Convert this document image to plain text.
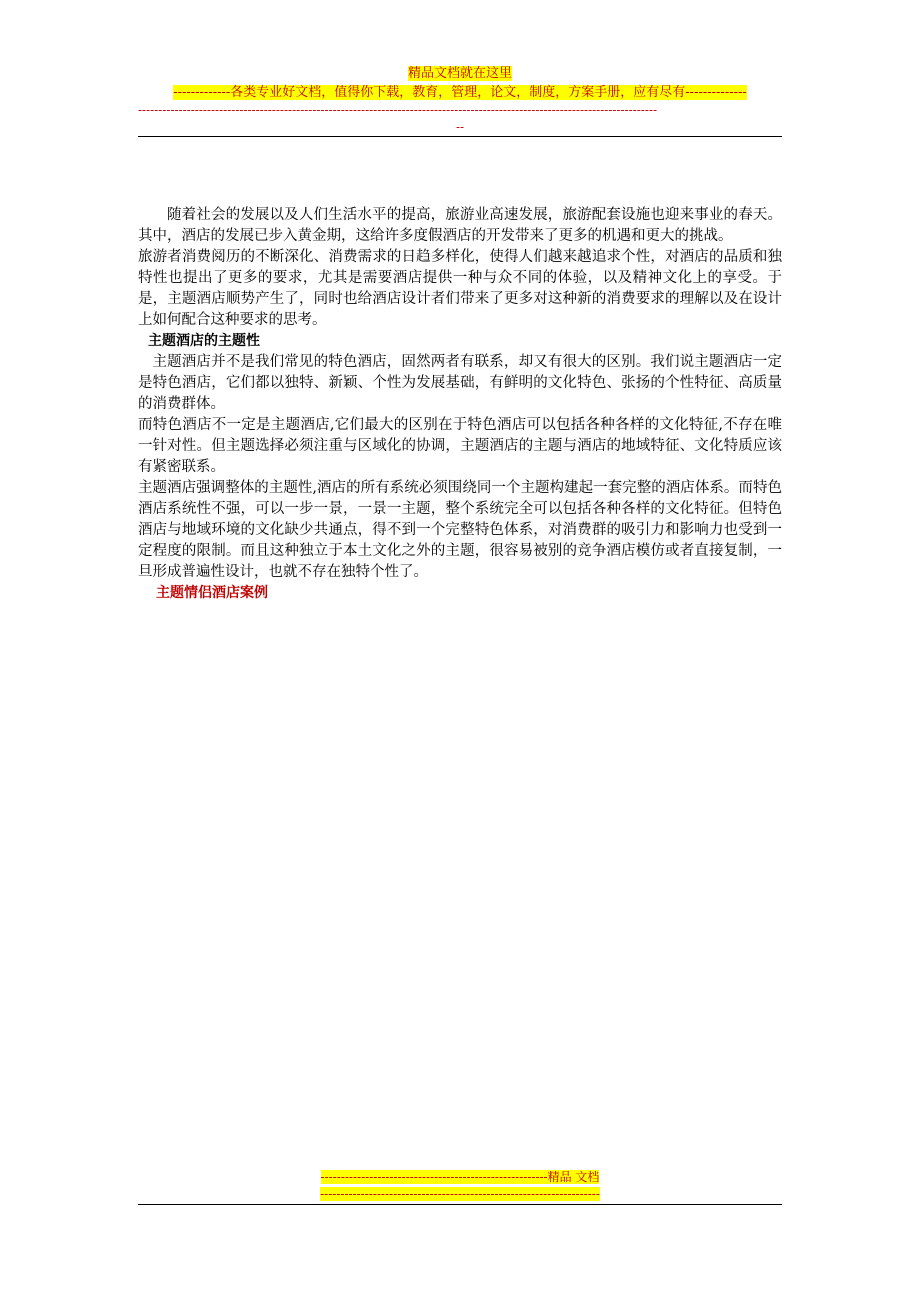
精品文档就在这里
-------------各类专业好文档，值得你下载，教育，管理，论文，制度，方案手册，应有尽有--------------
--------------------------------------------------------------------------------------------------------------------------------
--

随着社会的发展以及人们生活水平的提高，旅游业高速发展，旅游配套设施也迎来事业的春天。其中，酒店的发展已步入黄金期，这给许多度假酒店的开发带来了更多的机遇和更大的挑战。

旅游者消费阅历的不断深化、消费需求的日趋多样化，使得人们越来越追求个性，对酒店的品质和独特性也提出了更多的要求，尤其是需要酒店提供一种与众不同的体验，以及精神文化上的享受。于是，主题酒店顺势产生了，同时也给酒店设计者们带来了更多对这种新的消费要求的理解以及在设计上如何配合这种要求的思考。

主题酒店的主题性

主题酒店并不是我们常见的特色酒店，固然两者有联系，却又有很大的区别。我们说主题酒店一定是特色酒店，它们都以独特、新颖、个性为发展基础，有鲜明的文化特色、张扬的个性特征、高质量的消费群体。

而特色酒店不一定是主题酒店,它们最大的区别在于特色酒店可以包括各种各样的文化特征,不存在唯一针对性。但主题选择必须注重与区域化的协调，主题酒店的主题与酒店的地域特征、文化特质应该有紧密联系。

主题酒店强调整体的主题性,酒店的所有系统必须围绕同一个主题构建起一套完整的酒店体系。而特色酒店系统性不强，可以一步一景，一景一主题，整个系统完全可以包括各种各样的文化特征。但特色酒店与地域环境的文化缺少共通点，得不到一个完整特色体系，对消费群的吸引力和影响力也受到一定程度的限制。而且这种独立于本土文化之外的主题，很容易被别的竞争酒店模仿或者直接复制，一旦形成普遍性设计，也就不存在独特个性了。

主题情侣酒店案例

--------------------------------------------------------精品 文档
---------------------------------------------------------------------
